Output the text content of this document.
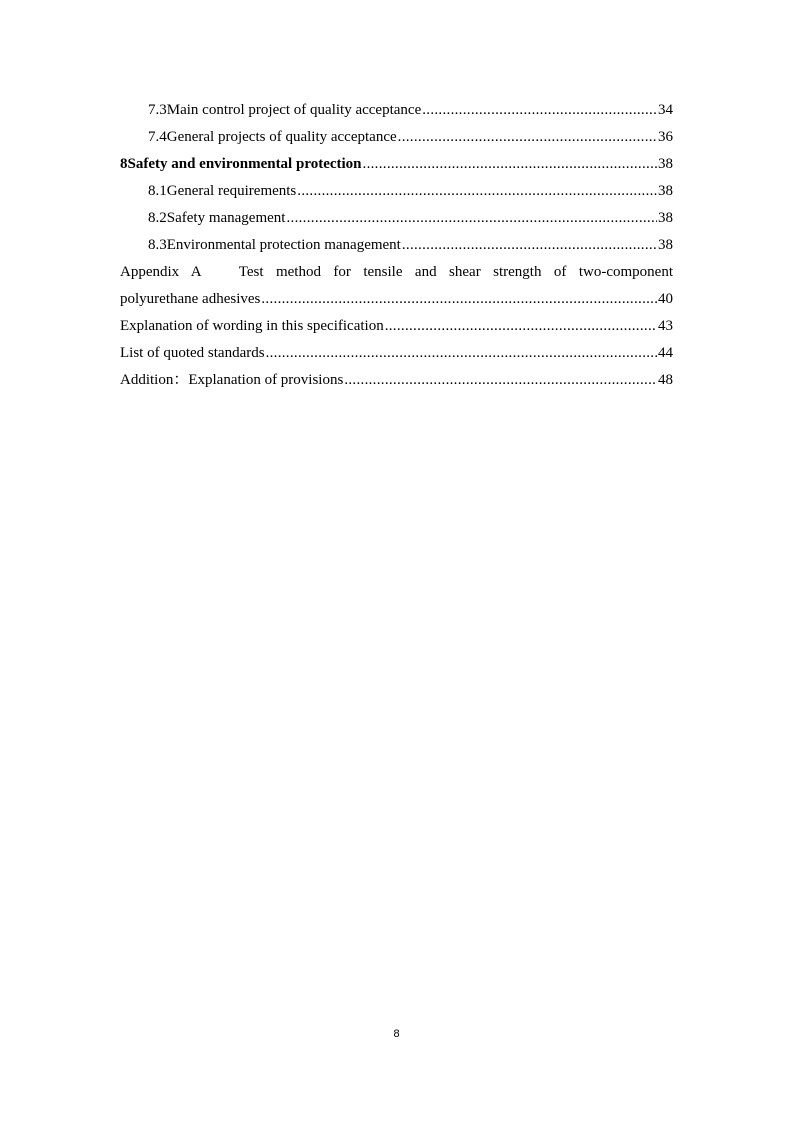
7.3 Main control project of quality acceptance .....	34
7.4 General projects of quality acceptance .....	36
8 Safety and environmental protection .....	38
8.1 General requirements .....	38
8.2 Safety management .....	38
8.3 Environmental protection management .....	38
Appendix A Test method for tensile and shear strength of two-component
polyurethane adhesives .....	40
Explanation of wording in this specification .....	43
List of quoted standards .....	44
Addition：Explanation of provisions .....	48
8
